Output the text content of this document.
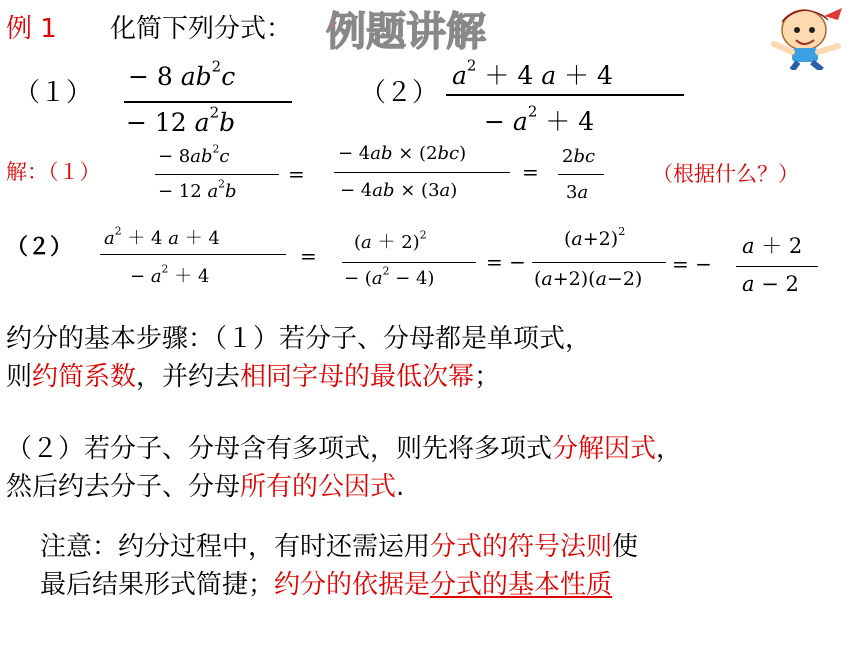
例 1 化简下列分式： 例题讲解
（１）
− 8 $ab^2c$
− 12 $a^2b$
（２）
$a^2 + 4$ a ＋ 4
− $a^2 + 4$
解：（１）
− $8ab^2c$
− 12 $a^2b$
=
− 4ab × (2bc)
− 4ab × (3a)
=
2bc
3a
（根据什么？）
（２） $a^2 + 4$ a ＋ 4
− $a^2 + 4$
=
$(a + 2)^2$
− $(a^2 - 4)$
= −
$(a+2)^2$
(a+2)(a−2)
= −
a ＋ 2
a − 2
约分的基本步骤：（１）若分子、分母都是单项式，
则约简系数，并约去相同字母的最低次幂；
（２）若分子、分母含有多项式，则先将多项式分解因式，
然后约去分子、分母所有的公因式.
注意：约分过程中，有时还需运用分式的符号法则使
最后结果形式简捷；约分的依据是分式的基本性质
